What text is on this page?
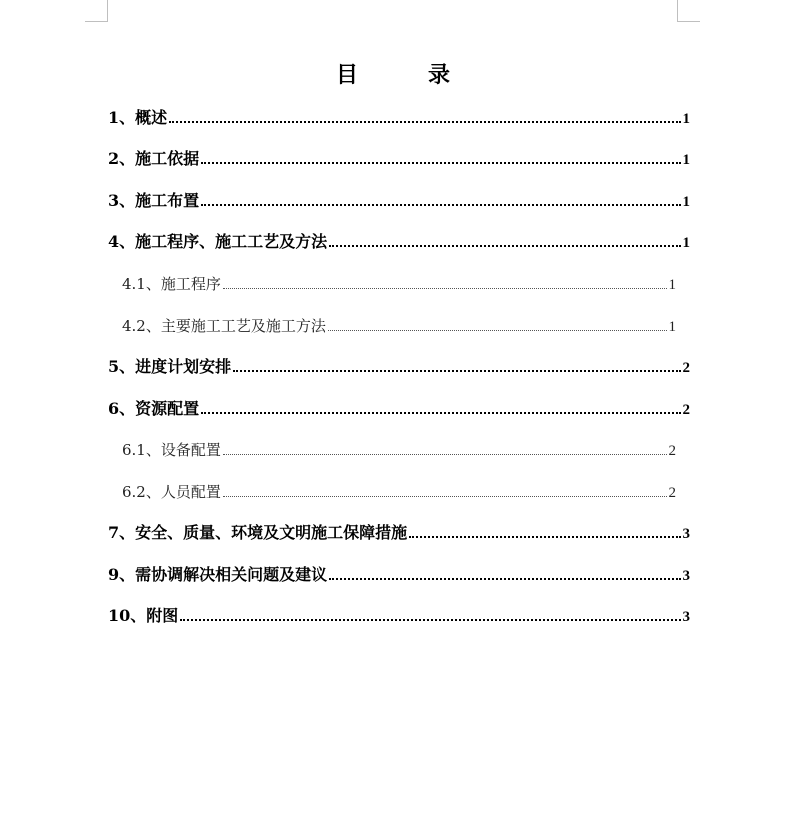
目	录
1、概述	1
2、施工依据	1
3、施工布置	1
4、施工程序、施工工艺及方法	1
4.1、施工程序	1
4.2、主要施工工艺及施工方法	1
5、进度计划安排	2
6、资源配置	2
6.1、设备配置	2
6.2、人员配置	2
7、安全、质量、环境及文明施工保障措施	3
9、需协调解决相关问题及建议	3
10、附图	3
